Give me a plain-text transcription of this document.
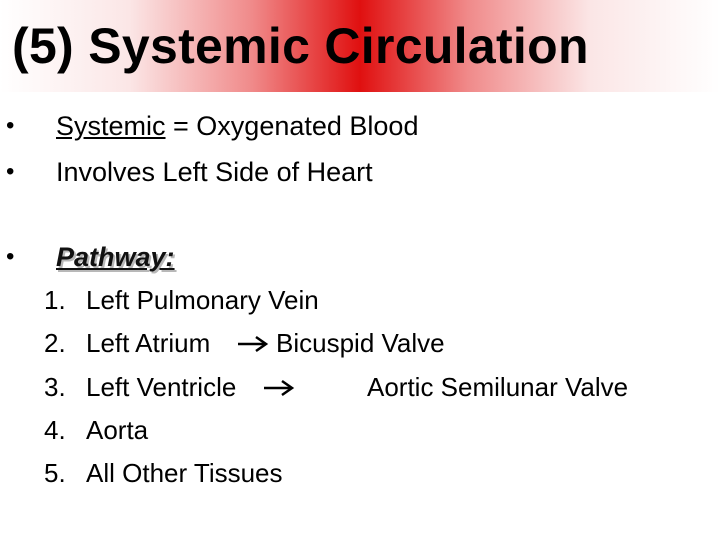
(5) Systemic Circulation
• Systemic = Oxygenated Blood
• Involves Left Side of Heart
• Pathway:
1. Left Pulmonary Vein
2. Left Atrium	Bicuspid Valve
3. Left Ventricle	Aortic Semilunar Valve
4. Aorta
5. All Other Tissues
